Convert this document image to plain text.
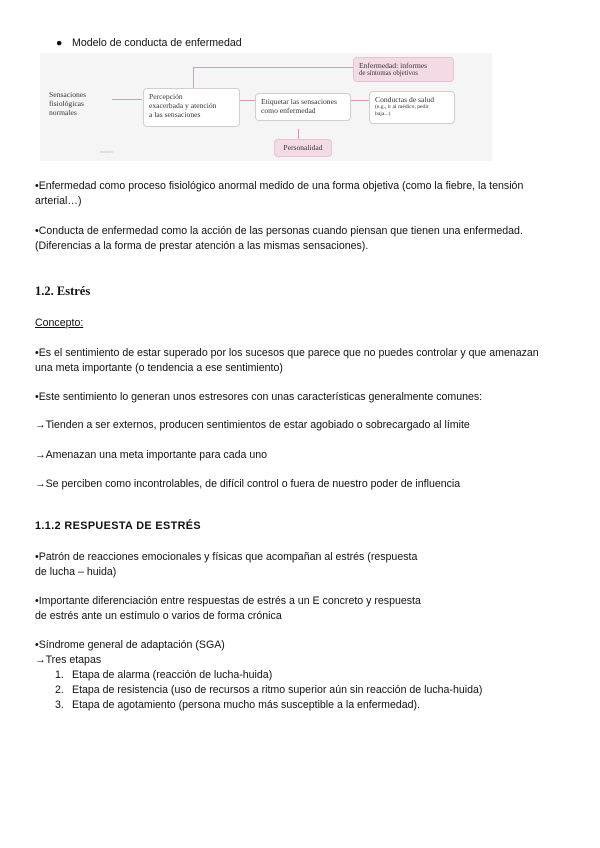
● Modelo de conducta de enfermedad
Sensaciones
fisiológicas
normales
Percepción
exacerbada y atención
a las sensaciones
Etiquetar las sensaciones
como enfermedad
Conductas de salud
(e.g., ir al médico, pedir
baja...)
Enfermedad: informes
de síntomas objetivos
Personalidad
wuolah
•Enfermedad como proceso fisiológico anormal medido de una forma objetiva (como la fiebre, la tensión
arterial…)
•Conducta de enfermedad como la acción de las personas cuando piensan que tienen una enfermedad.
(Diferencias a la forma de prestar atención a las mismas sensaciones).
1.2. Estrés
Concepto:
•Es el sentimiento de estar superado por los sucesos que parece que no puedes controlar y que amenazan
una meta importante (o tendencia a ese sentimiento)
•Este sentimiento lo generan unos estresores con unas características generalmente comunes:
→Tienden a ser externos, producen sentimientos de estar agobiado o sobrecargado al límite
→Amenazan una meta importante para cada uno
→Se perciben como incontrolables, de difícil control o fuera de nuestro poder de influencia
1.1.2 RESPUESTA DE ESTRÉS
•Patrón de reacciones emocionales y físicas que acompañan al estrés (respuesta
de lucha – huida)
•Importante diferenciación entre respuestas de estrés a un E concreto y respuesta
de estrés ante un estímulo o varios de forma crónica
•Síndrome general de adaptación (SGA)
→Tres etapas
1. Etapa de alarma (reacción de lucha-huida)
2. Etapa de resistencia (uso de recursos a ritmo superior aún sin reacción de lucha-huida)
3. Etapa de agotamiento (persona mucho más susceptible a la enfermedad).
